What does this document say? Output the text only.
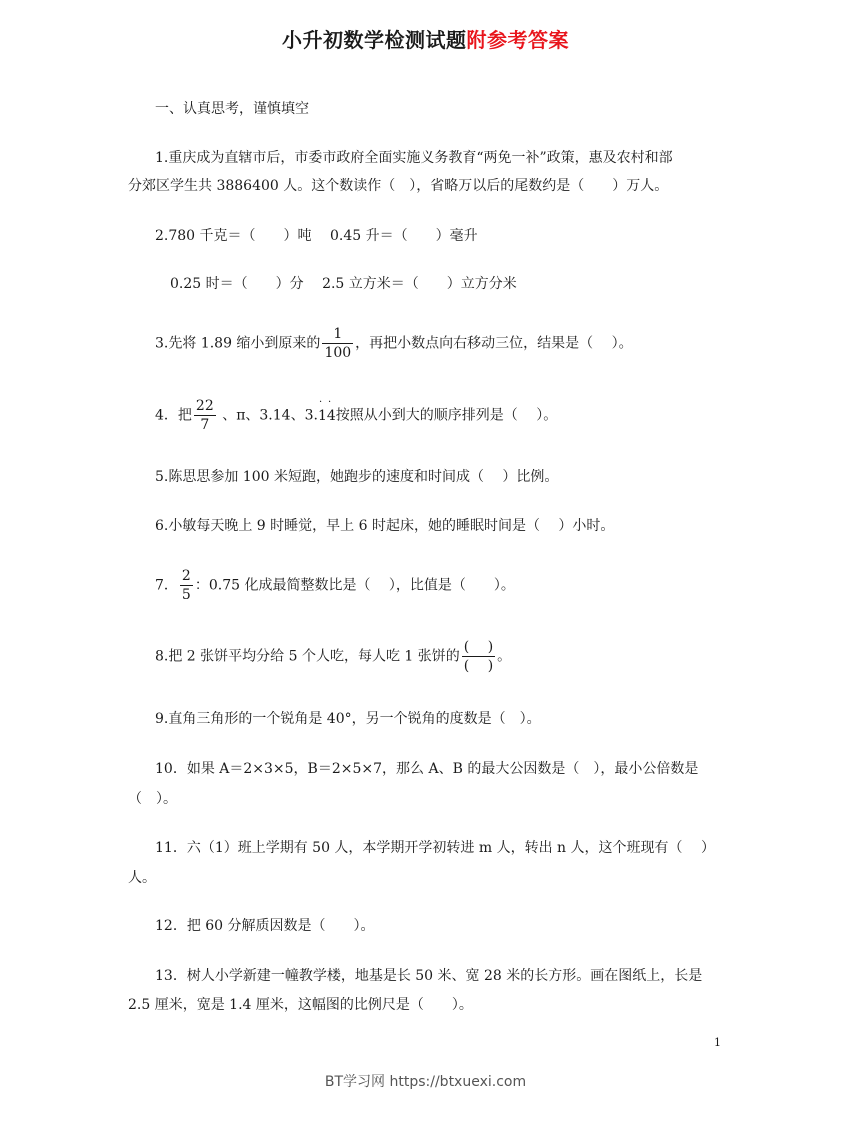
小升初数学检测试题附参考答案
一、认真思考，谨慎填空
1.重庆成为直辖市后，市委市政府全面实施义务教育“两免一补”政策，惠及农村和部
分郊区学生共 3886400 人。这个数读作（　），省略万以后的尾数约是（　　）万人。
2.780 千克＝（　　）吨　 0.45 升＝（　　）毫升
0.25 时＝（　　）分　 2.5 立方米＝（　　）立方分米
3.先将 1.89 缩小到原来的 $\frac{1}{100}$ ，再把小数点向右移动三位，结果是（　 ）。
4．把 $\frac{22}{7}$ 、π、3.14、3.
· ·
14按照从小到大的顺序排列是（　 ）。
5.陈思思参加 100 米短跑，她跑步的速度和时间成（　 ）比例。
6.小敏每天晚上 9 时睡觉，早上 6 时起床，她的睡眠时间是（　 ）小时。
7． $\frac{2}{5}$ ：0.75 化成最简整数比是（　 ），比值是（　　）。
8.把 2 张饼平均分给 5 个人吃，每人吃 1 张饼的 $\frac{( )}{( )}$ 。
9.直角三角形的一个锐角是 40°，另一个锐角的度数是（　）。
10．如果 A＝2×3×5，B＝2×5×7，那么 A、B 的最大公因数是（　），最小公倍数是
（　）。
11．六（1）班上学期有 50 人，本学期开学初转进 m 人，转出 n 人，这个班现有（　 ）
人。
12．把 60 分解质因数是（　　）。
13．树人小学新建一幢教学楼，地基是长 50 米、宽 28 米的长方形。画在图纸上，长是
2.5 厘米，宽是 1.4 厘米，这幅图的比例尺是（　　）。
1
BT学习网 https://btxuexi.com
